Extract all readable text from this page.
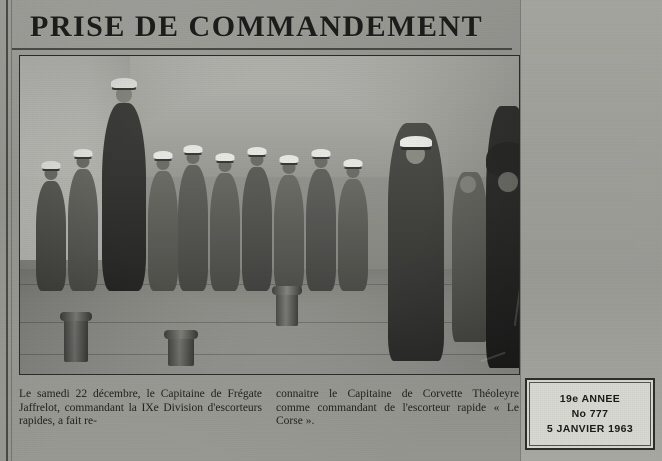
PRISE DE COMMANDEMENT

Le samedi 22 décembre, le Capitaine de Frégate Jaffrelot, commandant la IXe Division d'escorteurs rapides, a fait re-

connaitre le Capitaine de Corvette Théoleyre comme commandant de l'escorteur rapide « Le Corse ».

19e ANNEE
No 777
5 JANVIER 1963
